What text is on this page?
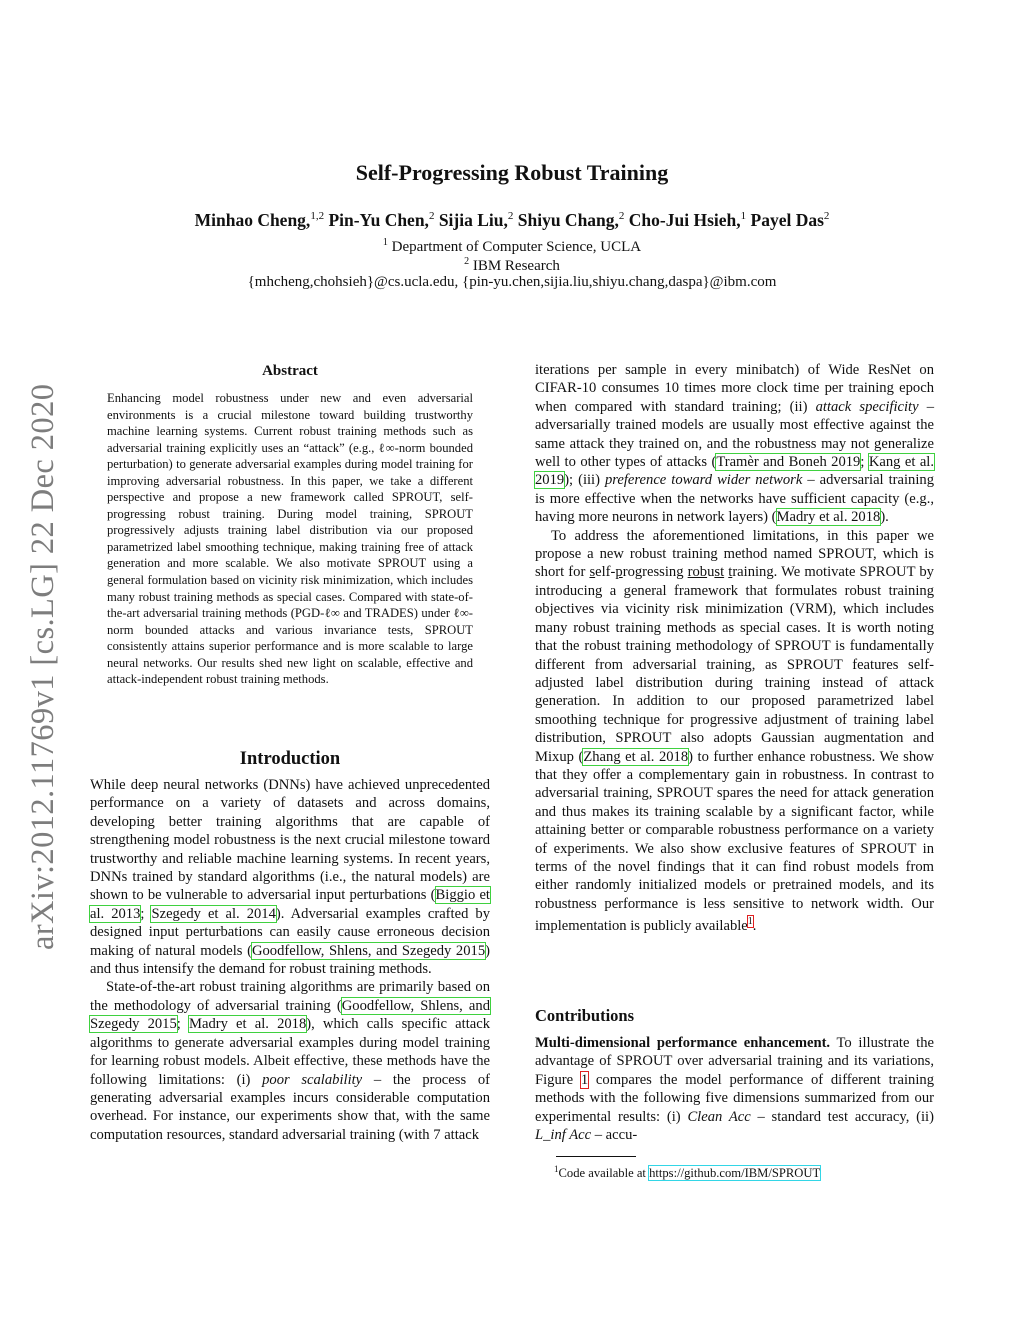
arXiv:2012.11769v1 [cs.LG] 22 Dec 2020
Self-Progressing Robust Training
Minhao Cheng,$^{1,2}$ Pin-Yu Chen,$^2$ Sijia Liu,$^2$ Shiyu Chang,$^2$ Cho-Jui Hsieh,$^1$ Payel Das$^2$
$^1$ Department of Computer Science, UCLA
$^2$ IBM Research
{mhcheng,chohsieh}@cs.ucla.edu, {pin-yu.chen,sijia.liu,shiyu.chang,daspa}@ibm.com
Abstract
Enhancing model robustness under new and even adversarial environments is a crucial milestone toward building trustworthy machine learning systems. Current robust training methods such as adversarial training explicitly uses an “attack” (e.g., ℓ∞-norm bounded perturbation) to generate adversarial examples during model training for improving adversarial robustness. In this paper, we take a different perspective and propose a new framework called SPROUT, self-progressing robust training. During model training, SPROUT progressively adjusts training label distribution via our proposed parametrized label smoothing technique, making training free of attack generation and more scalable. We also motivate SPROUT using a general formulation based on vicinity risk minimization, which includes many robust training methods as special cases. Compared with state-of-the-art adversarial training methods (PGD-ℓ∞ and TRADES) under ℓ∞-norm bounded attacks and various invariance tests, SPROUT consistently attains superior performance and is more scalable to large neural networks. Our results shed new light on scalable, effective and attack-independent robust training methods.
Introduction

While deep neural networks (DNNs) have achieved unprecedented performance on a variety of datasets and across domains, developing better training algorithms that are capable of strengthening model robustness is the next crucial milestone toward trustworthy and reliable machine learning systems. In recent years, DNNs trained by standard algorithms (i.e., the natural models) are shown to be vulnerable to adversarial input perturbations (Biggio et al. 2013; Szegedy et al. 2014). Adversarial examples crafted by designed input perturbations can easily cause erroneous decision making of natural models (Goodfellow, Shlens, and Szegedy 2015) and thus intensify the demand for robust training methods.

State-of-the-art robust training algorithms are primarily based on the methodology of adversarial training (Goodfellow, Shlens, and Szegedy 2015; Madry et al. 2018), which calls specific attack algorithms to generate adversarial examples during model training for learning robust models. Albeit effective, these methods have the following limitations: (i) poor scalability – the process of generating adversarial examples incurs considerable computation overhead. For instance, our experiments show that, with the same computation resources, standard adversarial training (with 7 attack

iterations per sample in every minibatch) of Wide ResNet on CIFAR-10 consumes 10 times more clock time per training epoch when compared with standard training; (ii) attack specificity – adversarially trained models are usually most effective against the same attack they trained on, and the robustness may not generalize well to other types of attacks (Tramèr and Boneh 2019; Kang et al. 2019); (iii) preference toward wider network – adversarial training is more effective when the networks have sufficient capacity (e.g., having more neurons in network layers) (Madry et al. 2018).

To address the aforementioned limitations, in this paper we propose a new robust training method named SPROUT, which is short for self-progressing robust training. We motivate SPROUT by introducing a general framework that formulates robust training objectives via vicinity risk minimization (VRM), which includes many robust training methods as special cases. It is worth noting that the robust training methodology of SPROUT is fundamentally different from adversarial training, as SPROUT features self-adjusted label distribution during training instead of attack generation. In addition to our proposed parametrized label smoothing technique for progressive adjustment of training label distribution, SPROUT also adopts Gaussian augmentation and Mixup (Zhang et al. 2018) to further enhance robustness. We show that they offer a complementary gain in robustness. In contrast to adversarial training, SPROUT spares the need for attack generation and thus makes its training scalable by a significant factor, while attaining better or comparable robustness performance on a variety of experiments. We also show exclusive features of SPROUT in terms of the novel findings that it can find robust models from either randomly initialized models or pretrained models, and its robustness performance is less sensitive to network width. Our implementation is publicly available$^1$.

Contributions

Multi-dimensional performance enhancement. To illustrate the advantage of SPROUT over adversarial training and its variations, Figure 1 compares the model performance of different training methods with the following five dimensions summarized from our experimental results: (i) Clean Acc – standard test accuracy, (ii) L_inf Acc – accu-

$^1$Code available at https://github.com/IBM/SPROUT
